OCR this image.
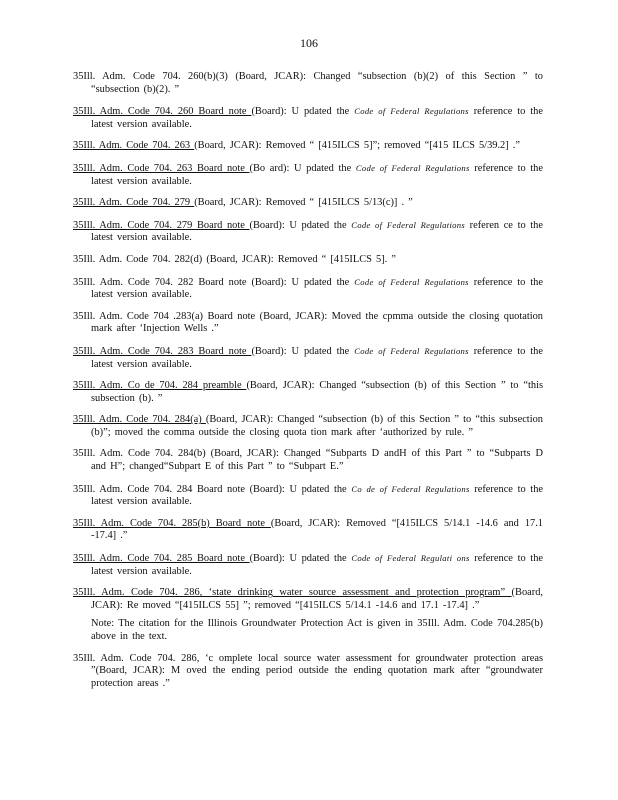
106

35Ill. Adm. Code 704. 260(b)(3) (Board, JCAR): Changed “subsection (b)(2) of this Section ” to “subsection (b)(2). ”

35Ill. Adm. Code 704. 260 Board note (Board): U pdated the Code of Federal Regulations reference to the latest version available.

35Ill. Adm. Code 704. 263 (Board, JCAR): Removed “ [415ILCS 5]”; removed “[415 ILCS 5/39.2] .”

35Ill. Adm. Code 704. 263 Board note (Bo ard): U pdated the Code of Federal Regulations reference to the latest version available.

35Ill. Adm. Code 704. 279 (Board, JCAR): Removed “ [415ILCS 5/13(c)] . ”

35Ill. Adm. Code 704. 279 Board note (Board): U pdated the Code of Federal Regulations referen ce to the latest version available.

35Ill. Adm. Code 704. 282(d) (Board, JCAR): Removed “ [415ILCS 5]. ”

35Ill. Adm. Code 704. 282 Board note (Board): U pdated the Code of Federal Regulations reference to the latest version available.

35Ill. Adm. Code 704 .283(a) Board note (Board, JCAR): Moved the cpmma outside the closing quotation mark after ‘Injection Wells .”

35Ill. Adm. Code 704. 283 Board note (Board): U pdated the Code of Federal Regulations reference to the latest version available.

35Ill. Adm. Co de 704. 284 preamble (Board, JCAR): Changed “subsection (b) of this Section ” to “this subsection (b). ”

35Ill. Adm. Code 704. 284(a) (Board, JCAR): Changed “subsection (b) of this Section ” to “this subsection (b)”; moved the comma outside the closing quota tion mark after ‘authorized by rule. ”

35Ill. Adm. Code 704. 284(b) (Board, JCAR): Changed “Subparts D andH of this Part ” to “Subparts D and H”; changed“Subpart E of this Part ” to “Subpart E.”

35Ill. Adm. Code 704. 284 Board note (Board): U pdated the Co de of Federal Regulations reference to the latest version available.

35Ill. Adm. Code 704. 285(b) Board note (Board, JCAR): Removed “[415ILCS 5/14.1 -14.6 and 17.1 -17.4] .”

35Ill. Adm. Code 704. 285 Board note (Board): U pdated the Code of Federal Regulati ons reference to the latest version available.

35Ill. Adm. Code 704. 286, ‘state drinking water source assessment and protection program” (Board, JCAR): Re moved “[415ILCS 55] ”; removed “[415ILCS 5/14.1 -14.6 and 17.1 -17.4] .”

Note: The citation for the Illinois Groundwater Protection Act is given in 35Ill. Adm. Code 704.285(b) above in the text.

35Ill. Adm. Code 704. 286, ‘c omplete local source water assessment for groundwater protection areas ”(Board, JCAR): M oved the ending period outside the ending quotation mark after “groundwater protection areas .”
